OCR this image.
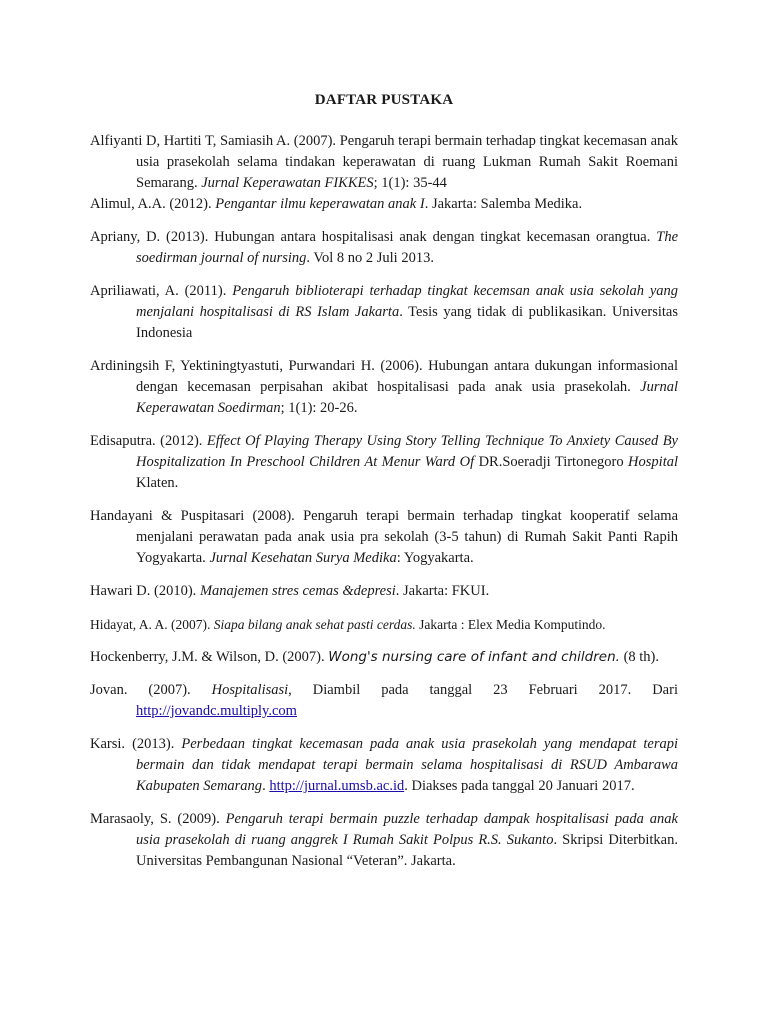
DAFTAR PUSTAKA

Alfiyanti D, Hartiti T, Samiasih A. (2007). Pengaruh terapi bermain terhadap tingkat kecemasan anak usia prasekolah selama tindakan keperawatan di ruang Lukman Rumah Sakit Roemani Semarang. Jurnal Keperawatan FIKKES; 1(1): 35-44

Alimul, A.A. (2012). Pengantar ilmu keperawatan anak I. Jakarta: Salemba Medika.

Apriany, D. (2013). Hubungan antara hospitalisasi anak dengan tingkat kecemasan orangtua. The soedirman journal of nursing. Vol 8 no 2 Juli 2013.

Apriliawati, A. (2011). Pengaruh biblioterapi terhadap tingkat kecemsan anak usia sekolah yang menjalani hospitalisasi di RS Islam Jakarta. Tesis yang tidak di publikasikan. Universitas Indonesia

Ardiningsih F, Yektiningtyastuti, Purwandari H. (2006). Hubungan antara dukungan informasional dengan kecemasan perpisahan akibat hospitalisasi pada anak usia prasekolah. Jurnal Keperawatan Soedirman; 1(1): 20-26.

Edisaputra. (2012). Effect Of Playing Therapy Using Story Telling Technique To Anxiety Caused By Hospitalization In Preschool Children At Menur Ward Of DR.Soeradji Tirtonegoro Hospital Klaten.

Handayani & Puspitasari (2008). Pengaruh terapi bermain terhadap tingkat kooperatif selama menjalani perawatan pada anak usia pra sekolah (3-5 tahun) di Rumah Sakit Panti Rapih Yogyakarta. Jurnal Kesehatan Surya Medika: Yogyakarta.

Hawari D. (2010). Manajemen stres cemas &depresi. Jakarta: FKUI.

Hidayat, A. A. (2007). Siapa bilang anak sehat pasti cerdas. Jakarta : Elex Media Komputindo.

Hockenberry, J.M. & Wilson, D. (2007). Wong's nursing care of infant and children. (8 th).

Jovan. (2007). Hospitalisasi, Diambil pada tanggal 23 Februari 2017. Dari http://jovandc.multiply.com

Karsi. (2013). Perbedaan tingkat kecemasan pada anak usia prasekolah yang mendapat terapi bermain dan tidak mendapat terapi bermain selama hospitalisasi di RSUD Ambarawa Kabupaten Semarang. http://jurnal.umsb.ac.id. Diakses pada tanggal 20 Januari 2017.

Marasaoly, S. (2009). Pengaruh terapi bermain puzzle terhadap dampak hospitalisasi pada anak usia prasekolah di ruang anggrek I Rumah Sakit Polpus R.S. Sukanto. Skripsi Diterbitkan. Universitas Pembangunan Nasional “Veteran”. Jakarta.
